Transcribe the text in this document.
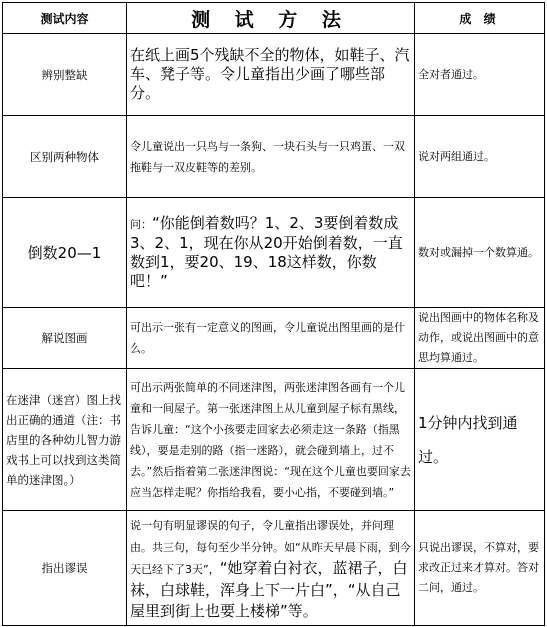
测试内容	测 试 方 法	成 绩
辨别整缺	在纸上画5个残缺不全的物体，如鞋子、汽车、凳子等。令儿童指出少画了哪些部分。	全对者通过。
区别两种物体	令儿童说出一只鸟与一条狗、一块石头与一只鸡蛋、一双拖鞋与一双皮鞋等的差别。	说对两组通过。
倒数20—1	问：“你能倒着数吗？1、2、3要倒着数成3、2、1，现在你从20开始倒着数，一直数到1，要20、19、18这样数，你数吧！”	数对或漏掉一个数算通。
解说图画	可出示一张有一定意义的图画，令儿童说出图里画的是什么。	说出图画中的物体名称及动作，或说出图画中的意思均算通过。
在迷津（迷宫）图上找出正确的通道（注：书店里的各种幼儿智力游戏书上可以找到这类简单的迷津图。）	可出示两张简单的不同迷津图，两张迷津图各画有一个儿童和一间屋子。第一张迷津图上从儿童到屋子标有黑线，告诉儿童：“这个小孩要走回家去必须走这一条路（指黑线），要是走别的路（指一迷路），就会碰到墙上，过不去。”然后指着第二张迷津图说：“现在这个儿童也要回家去应当怎样走呢？你指给我看，要小心指，不要碰到墙。”	1分钟内找到通过。
指出谬误	说一句有明显谬误的句子，令儿童指出谬误处，并问理由。共三句，每句至少半分钟。如“从昨天早晨下雨，到今天已经下了3天”，“她穿着白衬衣，蓝裙子，白袜，白球鞋，浑身上下一片白”，“从自己屋里到街上也要上楼梯”等。	只说出谬误，不算对，要求改正过来才算对。答对二问，通过。
